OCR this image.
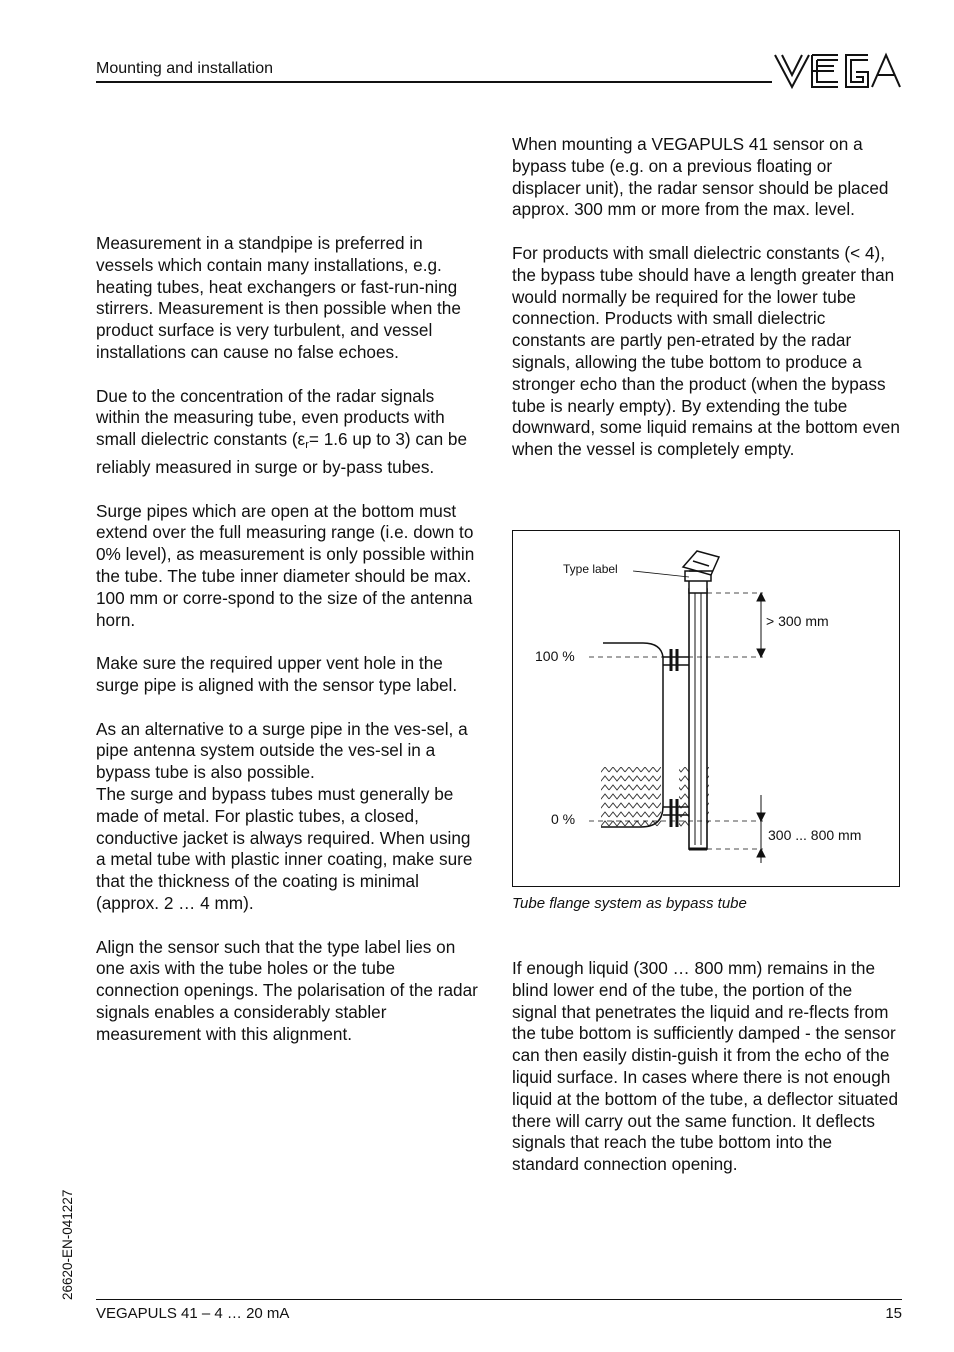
Mounting and installation
VEGA

Measurement in a standpipe is preferred in vessels which contain many installations, e.g. heating tubes, heat exchangers or fast-run-ning stirrers. Measurement is then possible when the product surface is very turbulent, and vessel installations can cause no false echoes.

Due to the concentration of the radar signals within the measuring tube, even products with small dielectric constants ($\varepsilon_r= 1.6$ up to 3) can be reliably measured in surge or by-pass tubes.

Surge pipes which are open at the bottom must extend over the full measuring range (i.e. down to 0% level), as measurement is only possible within the tube. The tube inner diameter should be max. 100 mm or corre-spond to the size of the antenna horn.

Make sure the required upper vent hole in the surge pipe is aligned with the sensor type label.

As an alternative to a surge pipe in the ves-sel, a pipe antenna system outside the ves-sel in a bypass tube is also possible.

The surge and bypass tubes must generally be made of metal. For plastic tubes, a closed, conductive jacket is always required. When using a metal tube with plastic inner coating, make sure that the thickness of the coating is minimal (approx. 2 … 4 mm).

Align the sensor such that the type label lies on one axis with the tube holes or the tube connection openings. The polarisation of the radar signals enables a considerably stabler measurement with this alignment.

When mounting a VEGAPULS 41 sensor on a bypass tube (e.g. on a previous floating or displacer unit), the radar sensor should be placed approx. 300 mm or more from the max. level.

For products with small dielectric constants (< 4), the bypass tube should have a length greater than would normally be required for the lower tube connection. Products with small dielectric constants are partly pen-etrated by the radar signals, allowing the tube bottom to produce a stronger echo than the product (when the bypass tube is nearly empty). By extending the tube downward, some liquid remains at the bottom even when the vessel is completely empty.

Type label
100 %
0 %
> 300 mm
300 ... 800 mm
Tube flange system as bypass tube

If enough liquid (300 … 800 mm) remains in the blind lower end of the tube, the portion of the signal that penetrates the liquid and re-flects from the tube bottom is sufficiently damped - the sensor can then easily distin-guish it from the echo of the liquid surface. In cases where there is not enough liquid at the bottom of the tube, a deflector situated there will carry out the same function. It deflects signals that reach the tube bottom into the standard connection opening.

26620-EN-041227
VEGAPULS 41 – 4 … 20 mA	15
